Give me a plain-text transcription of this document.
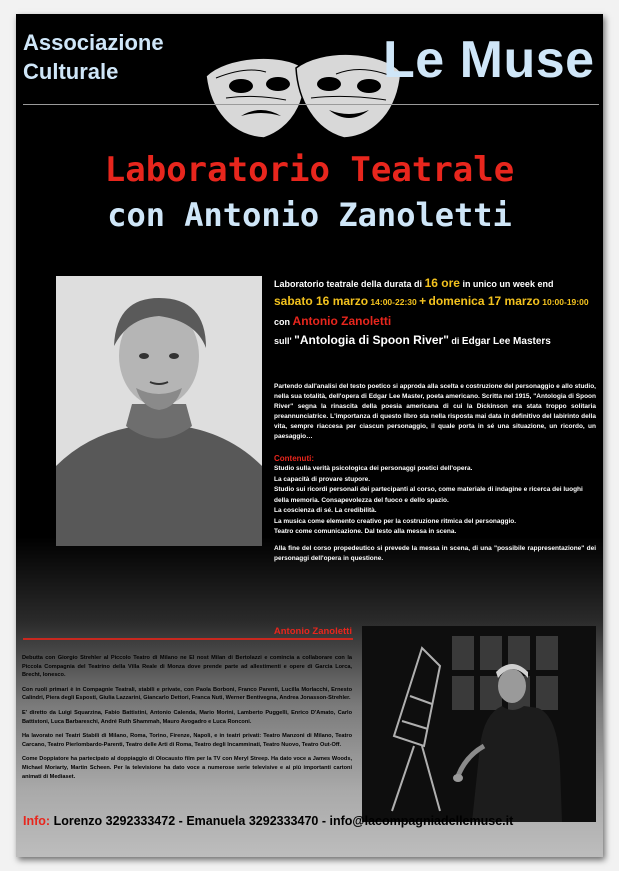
Associazione
Culturale	Le Muse
Laboratorio Teatrale
con Antonio Zanoletti
Laboratorio teatrale della durata di 16 ore in unico un week end
sabato 16 marzo 14:00-22:30 + domenica 17 marzo 10:00-19:00
con Antonio Zanoletti
sull' "Antologia di Spoon River" di Edgar Lee Masters
Partendo dall'analisi del testo poetico si approda alla scelta e costruzione del personaggio e allo studio, nella sua totalità, dell'opera di Edgar Lee Master, poeta americano. Scritta nel 1915, "Antologia di Spoon River" segna la rinascita della poesia americana di cui la Dickinson era stata troppo solitaria preannunciatrice. L'importanza di questo libro sta nella risposta mai data in definitivo del labirinto della vita, sempre riaccesa per ciascun personaggio, il quale porta in sé una situazione, un ricordo, un paesaggio…
Contenuti:

Studio sulla verità psicologica dei personaggi poetici dell'opera.

La capacità di provare stupore.

Studio sui ricordi personali dei partecipanti al corso, come materiale di indagine e ricerca dei luoghi della memoria. Consapevolezza del fuoco e dello spazio.

La coscienza di sé. La credibilità.

La musica come elemento creativo per la costruzione ritmica del personaggio.

Teatro come comunicazione. Dal testo alla messa in scena.

Alla fine del corso propedeutico si prevede la messa in scena, di una "possibile rappresentazione" dei personaggi dell'opera in questione.
Antonio Zanoletti

Debutta con Giorgio Strehler al Piccolo Teatro di Milano ne El nost Milan di Bertolazzi e comincia a collaborare con la Piccola Compagnia del Teatrino della Villa Reale di Monza dove prende parte ad allestimenti e opere di Garcia Lorca, Brecht, Ionesco.

Con ruoli primari è in Compagnie Teatrali, stabili e private, con Paola Borboni, Franco Parenti, Lucilla Morlacchi, Ernesto Calindri, Piera degli Esposti, Giulia Lazzarini, Giancarlo Dettori, Franca Nuti, Werner Bentivegna, Andrea Jonasson-Strehler.

E' diretto da Luigi Squarzina, Fabio Battistini, Antonio Calenda, Mario Morini, Lamberto Puggelli, Enrico D'Amato, Carlo Battistoni, Luca Barbareschi, André Ruth Shammah, Mauro Avogadro e Luca Ronconi.

Ha lavorato nei Teatri Stabili di Milano, Roma, Torino, Firenze, Napoli, e in teatri privati: Teatro Manzoni di Milano, Teatro Carcano, Teatro Pierlombardo-Parenti, Teatro delle Arti di Roma, Teatro degli Incamminati, Teatro Nuovo, Teatro Out-Off.

Come Doppiatore ha partecipato al doppiaggio di Olocausto film per la TV con Meryl Streep. Ha dato voce a James Woods, Michael Moriarty, Martin Scheen. Per la televisione ha dato voce a numerose serie televisive e ai più importanti cartoni animati di Mediaset.

Info: Lorenzo 3292333472 - Emanuela 3292333470 - info@lacompagniadellemuse.it
